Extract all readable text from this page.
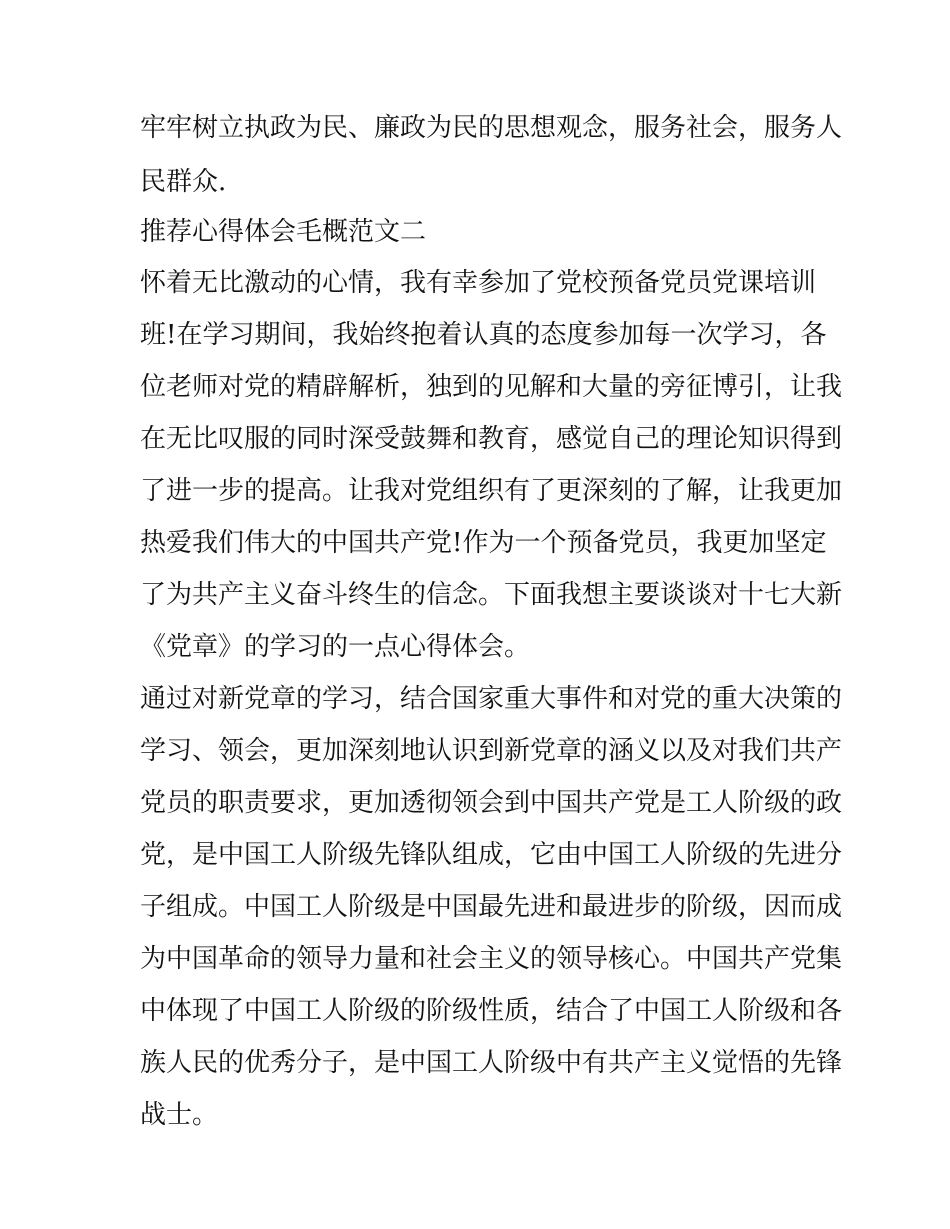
牢牢树立执政为民、廉政为民的思想观念，服务社会，服务人
民群众.
推荐心得体会毛概范文二
怀着无比激动的心情，我有幸参加了党校预备党员党课培训
班!在学习期间，我始终抱着认真的态度参加每一次学习，各
位老师对党的精辟解析，独到的见解和大量的旁征博引，让我
在无比叹服的同时深受鼓舞和教育，感觉自己的理论知识得到
了进一步的提高。让我对党组织有了更深刻的了解，让我更加
热爱我们伟大的中国共产党!作为一个预备党员，我更加坚定
了为共产主义奋斗终生的信念。下面我想主要谈谈对十七大新
《党章》的学习的一点心得体会。
通过对新党章的学习，结合国家重大事件和对党的重大决策的
学习、领会，更加深刻地认识到新党章的涵义以及对我们共产
党员的职责要求，更加透彻领会到中国共产党是工人阶级的政
党，是中国工人阶级先锋队组成，它由中国工人阶级的先进分
子组成。中国工人阶级是中国最先进和最进步的阶级，因而成
为中国革命的领导力量和社会主义的领导核心。中国共产党集
中体现了中国工人阶级的阶级性质，结合了中国工人阶级和各
族人民的优秀分子，是中国工人阶级中有共产主义觉悟的先锋
战士。
